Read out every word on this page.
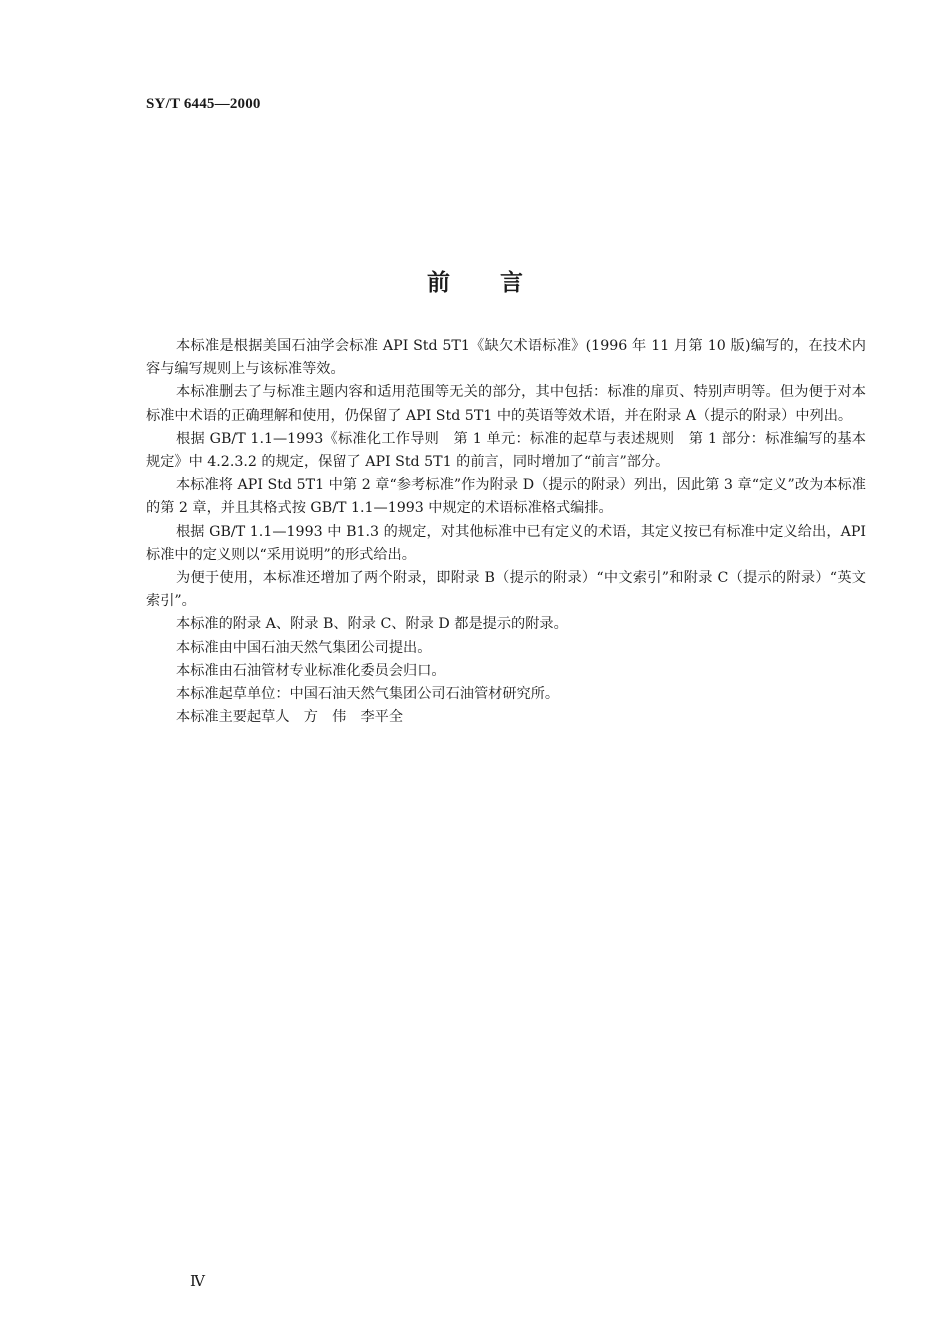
SY/T 6445—2000
前言

本标准是根据美国石油学会标准 API Std 5T1《缺欠术语标准》(1996 年 11 月第 10 版)编写的，在技术内容与编写规则上与该标准等效。

本标准删去了与标准主题内容和适用范围等无关的部分，其中包括：标准的扉页、特别声明等。但为便于对本标准中术语的正确理解和使用，仍保留了 API Std 5T1 中的英语等效术语，并在附录 A（提示的附录）中列出。

根据 GB/T 1.1—1993《标准化工作导则　第 1 单元：标准的起草与表述规则　第 1 部分：标准编写的基本规定》中 4.2.3.2 的规定，保留了 API Std 5T1 的前言，同时增加了“前言”部分。

本标准将 API Std 5T1 中第 2 章“参考标准”作为附录 D（提示的附录）列出，因此第 3 章“定义”改为本标准的第 2 章，并且其格式按 GB/T 1.1—1993 中规定的术语标准格式编排。

根据 GB/T 1.1—1993 中 B1.3 的规定，对其他标准中已有定义的术语，其定义按已有标准中定义给出，API 标准中的定义则以“采用说明”的形式给出。

为便于使用，本标准还增加了两个附录，即附录 B（提示的附录）“中文索引”和附录 C（提示的附录）“英文索引”。

本标准的附录 A、附录 B、附录 C、附录 D 都是提示的附录。

本标准由中国石油天然气集团公司提出。

本标准由石油管材专业标准化委员会归口。

本标准起草单位：中国石油天然气集团公司石油管材研究所。

本标准主要起草人　方　伟　李平全

Ⅳ
